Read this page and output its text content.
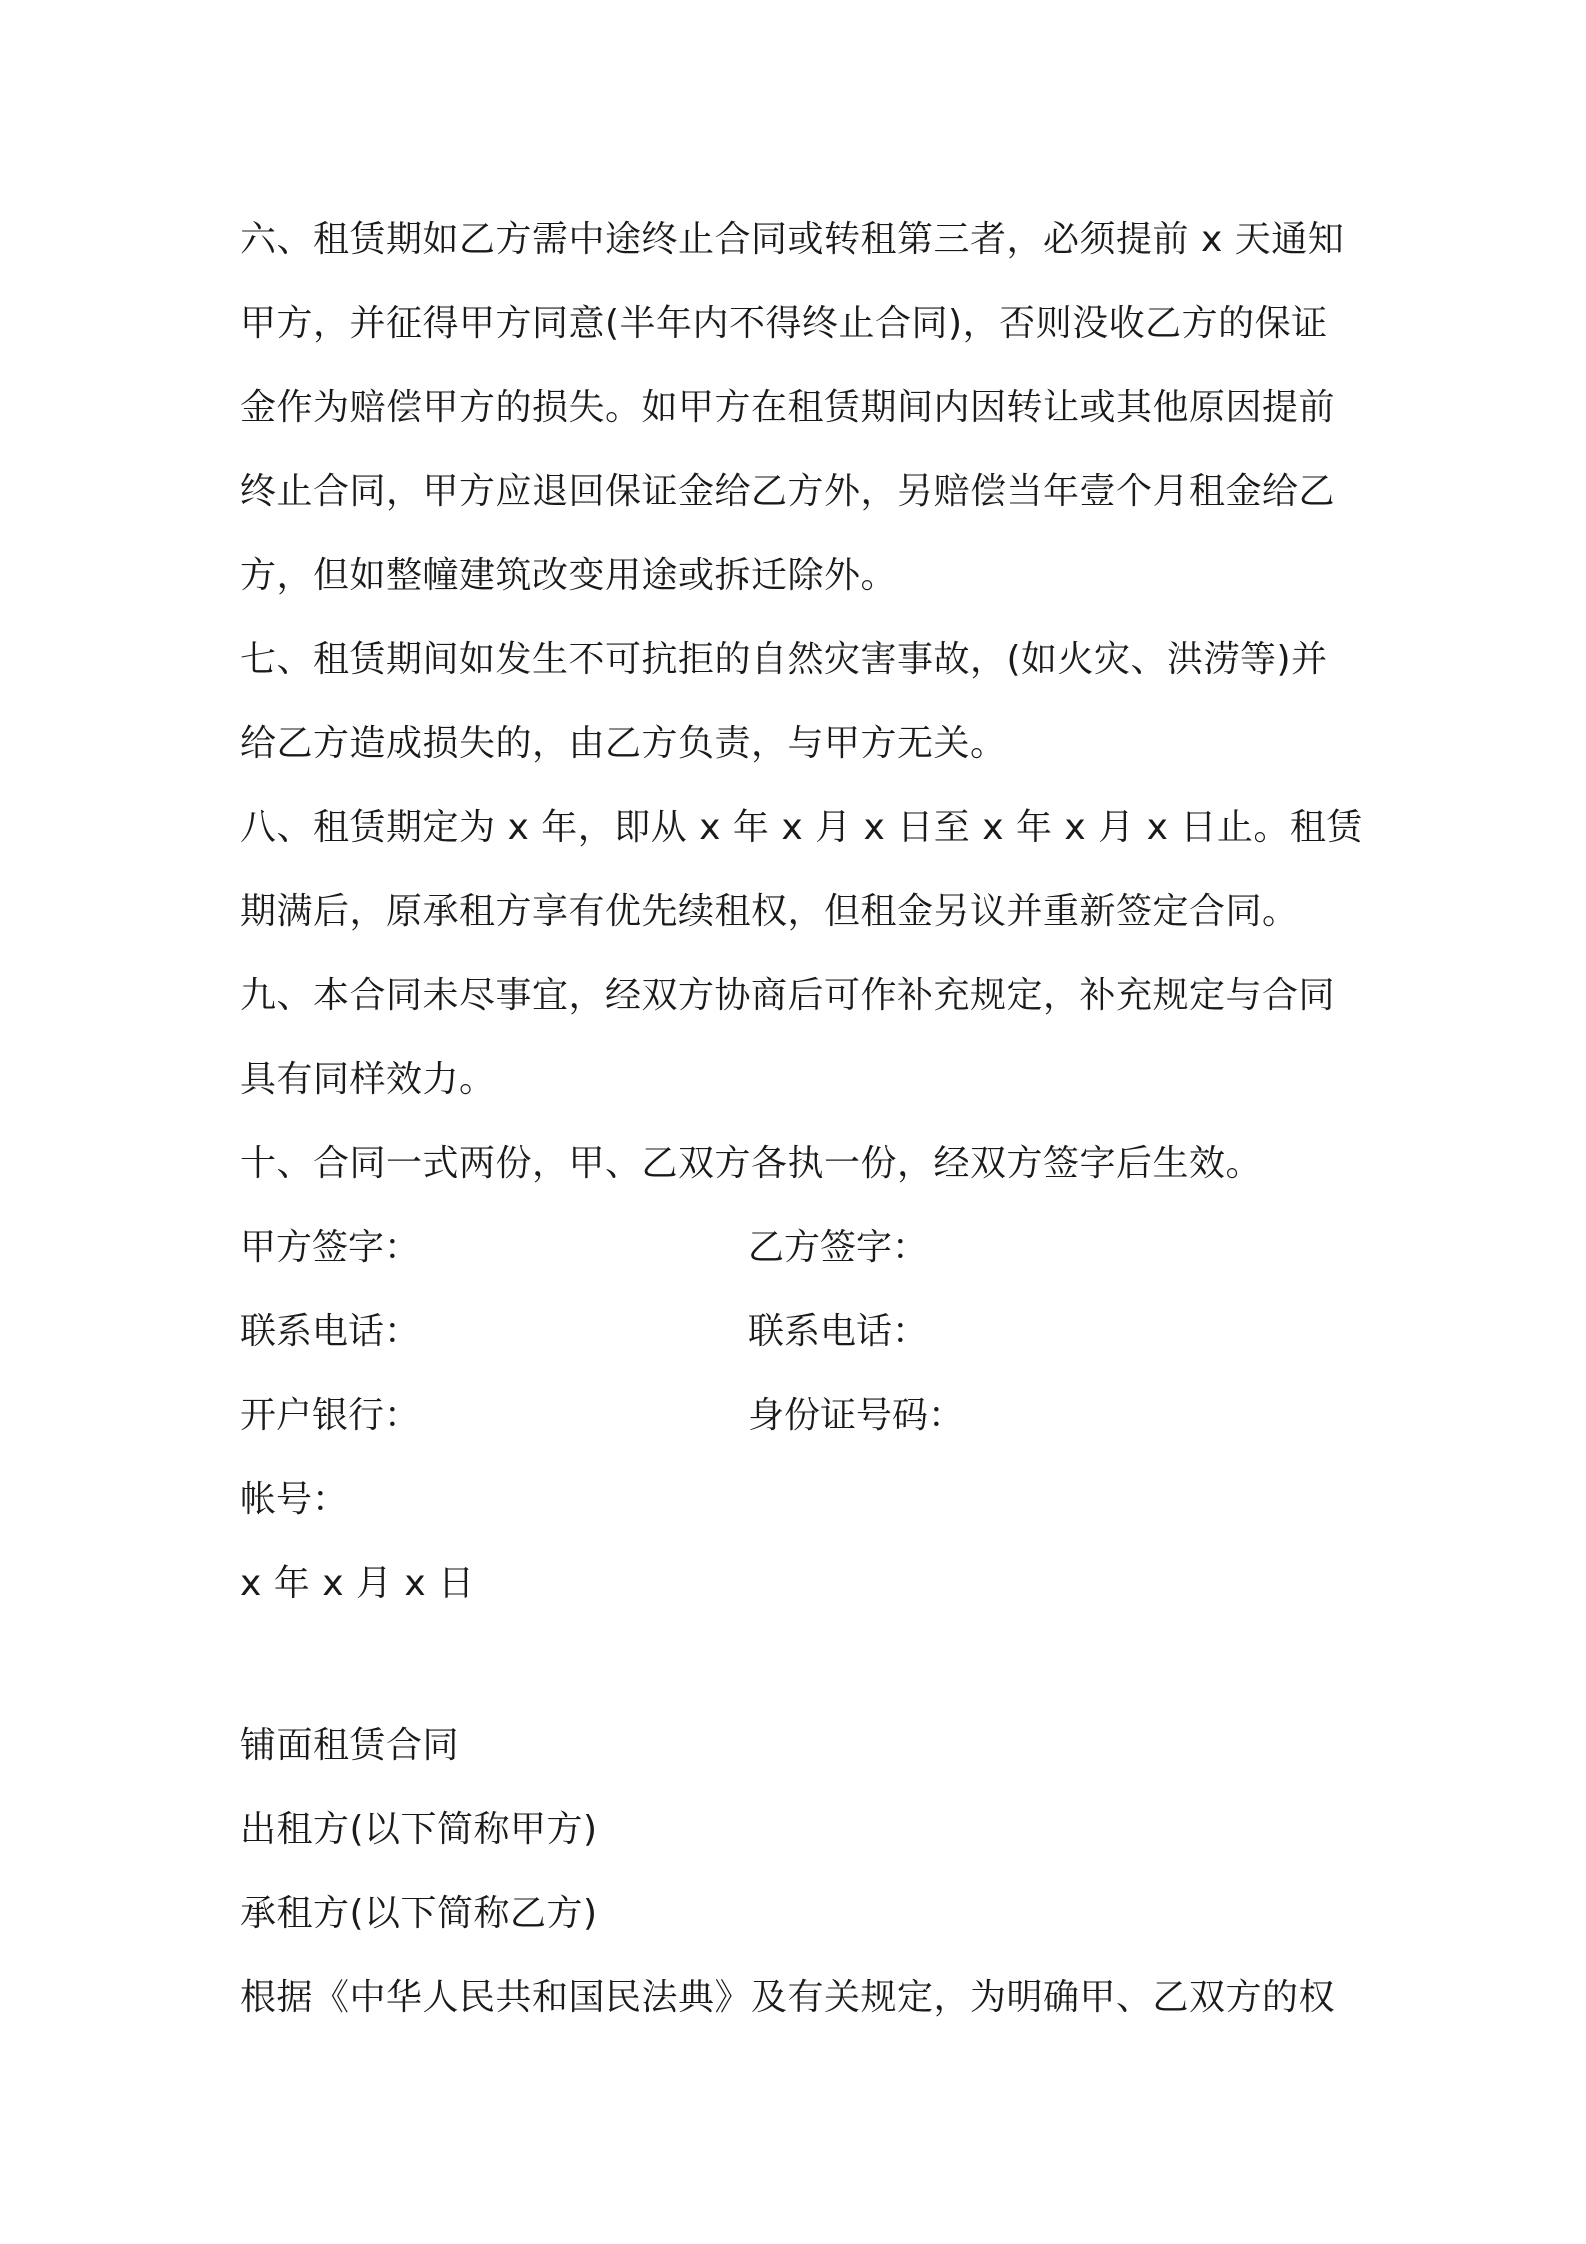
六、租赁期如乙方需中途终止合同或转租第三者，必须提前 x 天通知
甲方，并征得甲方同意(半年内不得终止合同)，否则没收乙方的保证
金作为赔偿甲方的损失。如甲方在租赁期间内因转让或其他原因提前
终止合同，甲方应退回保证金给乙方外，另赔偿当年壹个月租金给乙
方，但如整幢建筑改变用途或拆迁除外。
七、租赁期间如发生不可抗拒的自然灾害事故，(如火灾、洪涝等)并
给乙方造成损失的，由乙方负责，与甲方无关。
八、租赁期定为 x 年，即从 x 年 x 月 x 日至 x 年 x 月 x 日止。租赁
期满后，原承租方享有优先续租权，但租金另议并重新签定合同。
九、本合同未尽事宜，经双方协商后可作补充规定，补充规定与合同
具有同样效力。
十、合同一式两份，甲、乙双方各执一份，经双方签字后生效。
甲方签字：	乙方签字：
联系电话：	联系电话：
开户银行：	身份证号码：
帐号：
x 年 x 月 x 日
铺面租赁合同
出租方(以下简称甲方)
承租方(以下简称乙方)
根据《中华人民共和国民法典》及有关规定，为明确甲、乙双方的权
